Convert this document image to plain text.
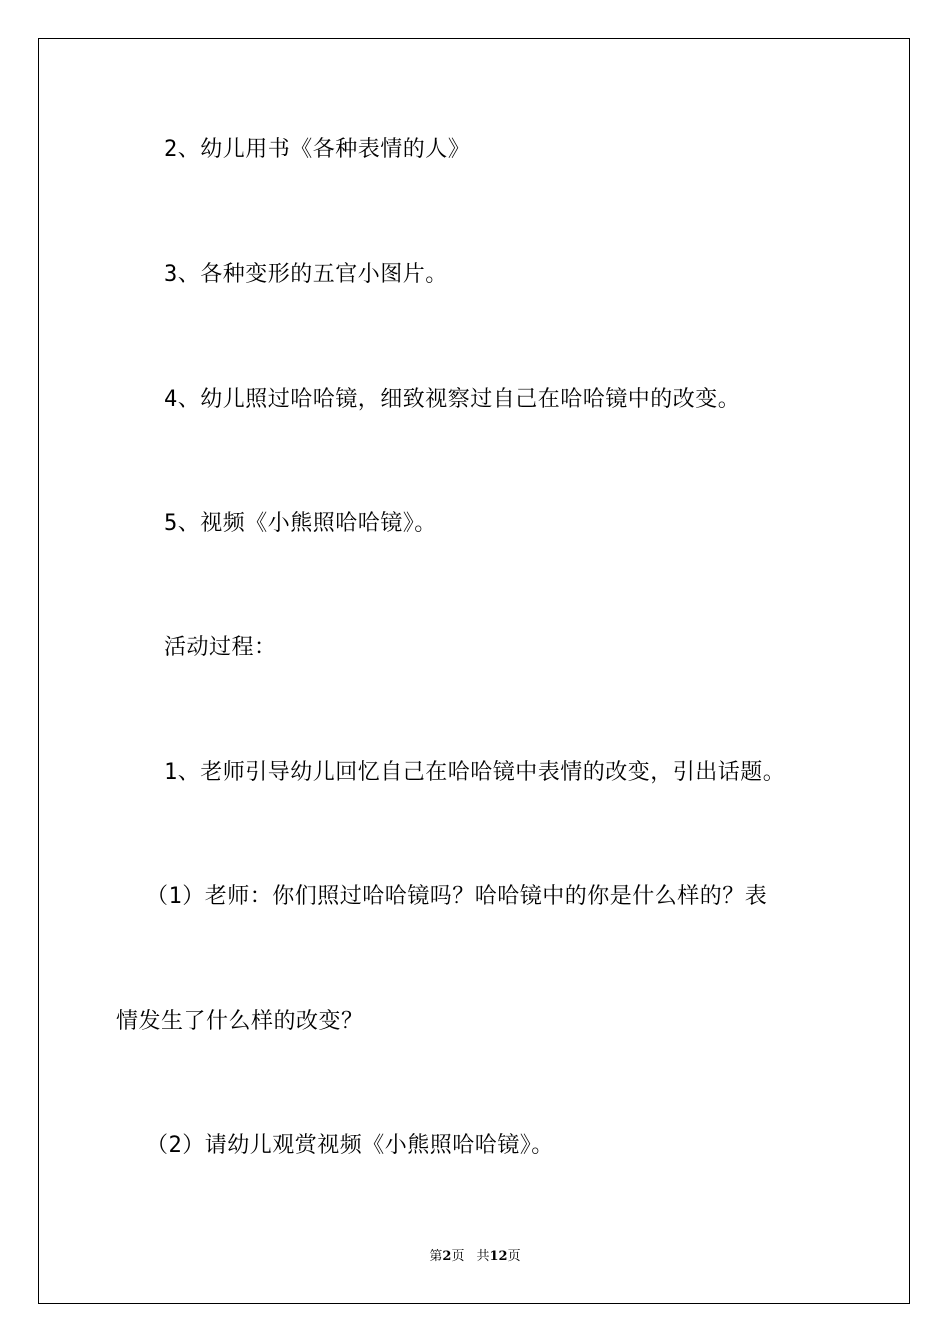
2、幼儿用书《各种表情的人》
3、各种变形的五官小图片。
4、幼儿照过哈哈镜，细致视察过自己在哈哈镜中的改变。
5、视频《小熊照哈哈镜》。
活动过程：
1、老师引导幼儿回忆自己在哈哈镜中表情的改变，引出话题。
（1）老师：你们照过哈哈镜吗？哈哈镜中的你是什么样的？表
情发生了什么样的改变？
（2）请幼儿观赏视频《小熊照哈哈镜》。
第2页 共12页
